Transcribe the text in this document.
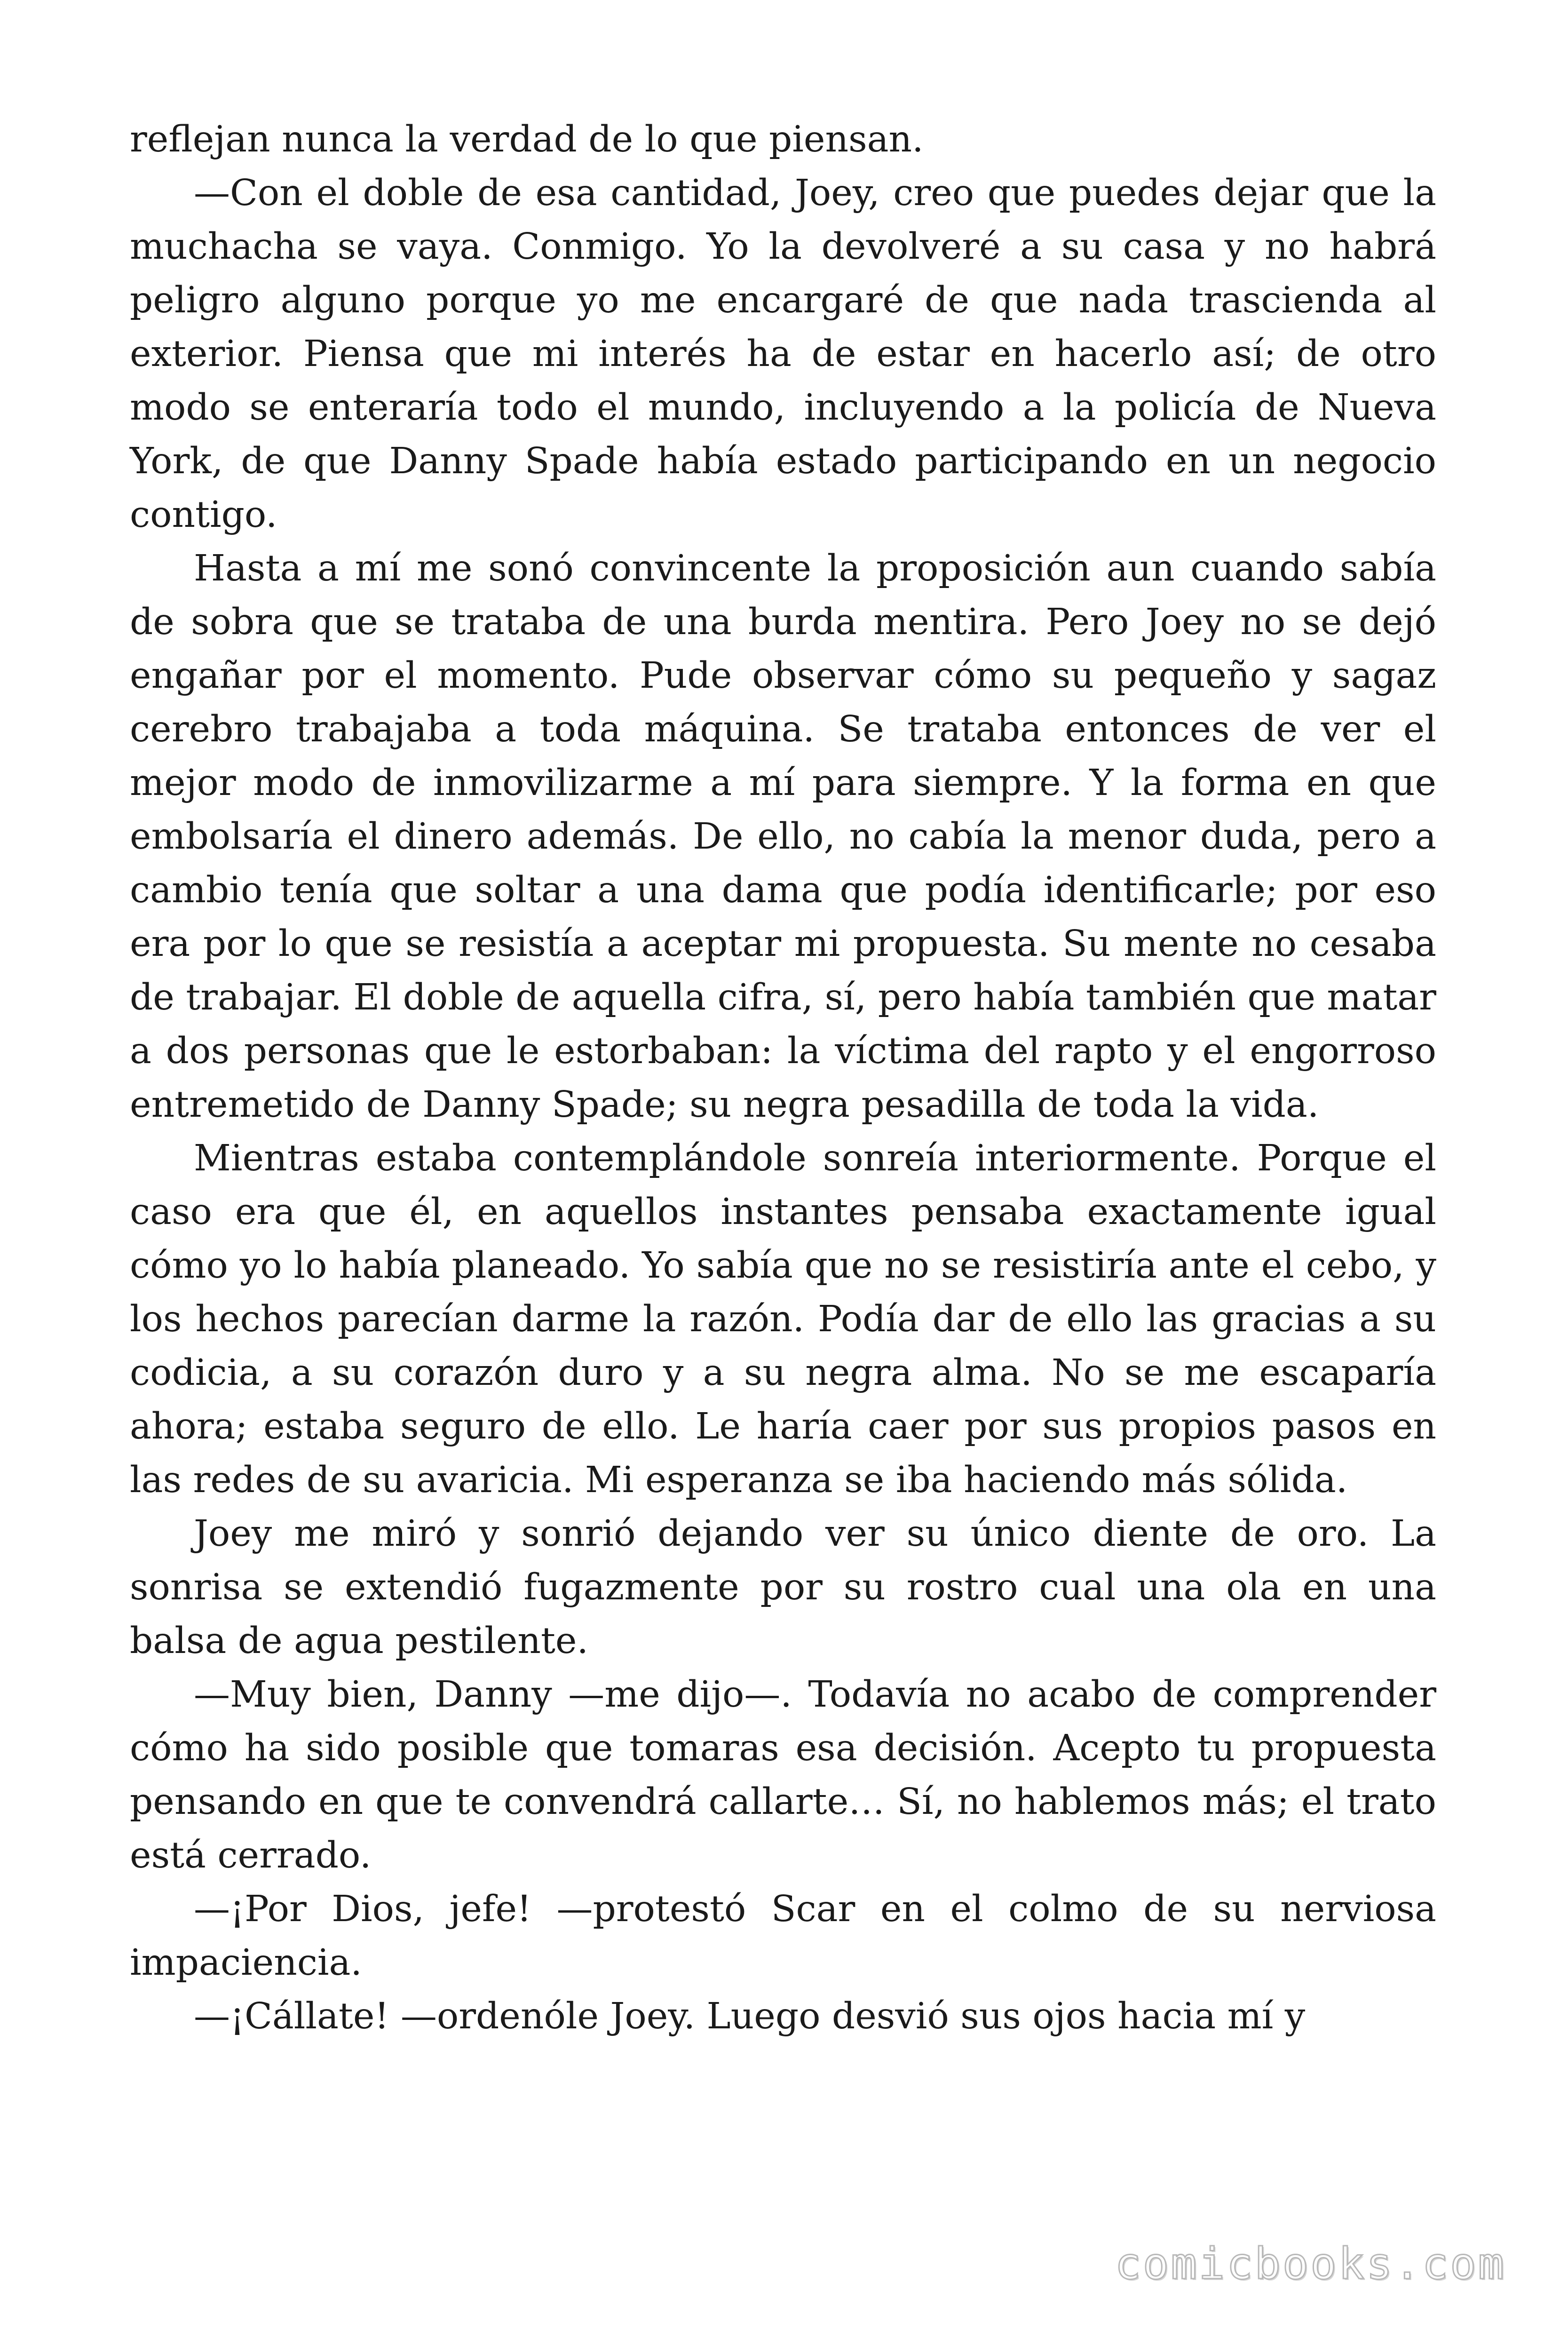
reflejan nunca la verdad de lo que piensan.

—Con el doble de esa cantidad, Joey, creo que puedes dejar que la muchacha se vaya. Conmigo. Yo la devolveré a su casa y no habrá peligro alguno porque yo me encargaré de que nada trascienda al exterior. Piensa que mi interés ha de estar en hacerlo así; de otro modo se enteraría todo el mundo, incluyendo a la policía de Nueva York, de que Danny Spade había estado participando en un negocio contigo.

Hasta a mí me sonó convincente la proposición aun cuando sabía de sobra que se trataba de una burda mentira. Pero Joey no se dejó engañar por el momento. Pude observar cómo su pequeño y sagaz cerebro trabajaba a toda máquina. Se trataba entonces de ver el mejor modo de inmovilizarme a mí para siempre. Y la forma en que embolsaría el dinero además. De ello, no cabía la menor duda, pero a cambio tenía que soltar a una dama que podía identificarle; por eso era por lo que se resistía a aceptar mi propuesta. Su mente no cesaba de trabajar. El doble de aquella cifra, sí, pero había también que matar a dos personas que le estorbaban: la víctima del rapto y el engorroso entremetido de Danny Spade; su negra pesadilla de toda la vida.

Mientras estaba contemplándole sonreía interiormente. Porque el caso era que él, en aquellos instantes pensaba exactamente igual cómo yo lo había planeado. Yo sabía que no se resistiría ante el cebo, y los hechos parecían darme la razón. Podía dar de ello las gracias a su codicia, a su corazón duro y a su negra alma. No se me escaparía ahora; estaba seguro de ello. Le haría caer por sus propios pasos en las redes de su avaricia. Mi esperanza se iba haciendo más sólida.

Joey me miró y sonrió dejando ver su único diente de oro. La sonrisa se extendió fugazmente por su rostro cual una ola en una balsa de agua pestilente.

—Muy bien, Danny —me dijo—. Todavía no acabo de comprender cómo ha sido posible que tomaras esa decisión. Acepto tu propuesta pensando en que te convendrá callarte… Sí, no hablemos más; el trato está cerrado.

—¡Por Dios, jefe! —protestó Scar en el colmo de su nerviosa impaciencia.

—¡Cállate! —ordenóle Joey. Luego desvió sus ojos hacia mí y

comicbooks.com
